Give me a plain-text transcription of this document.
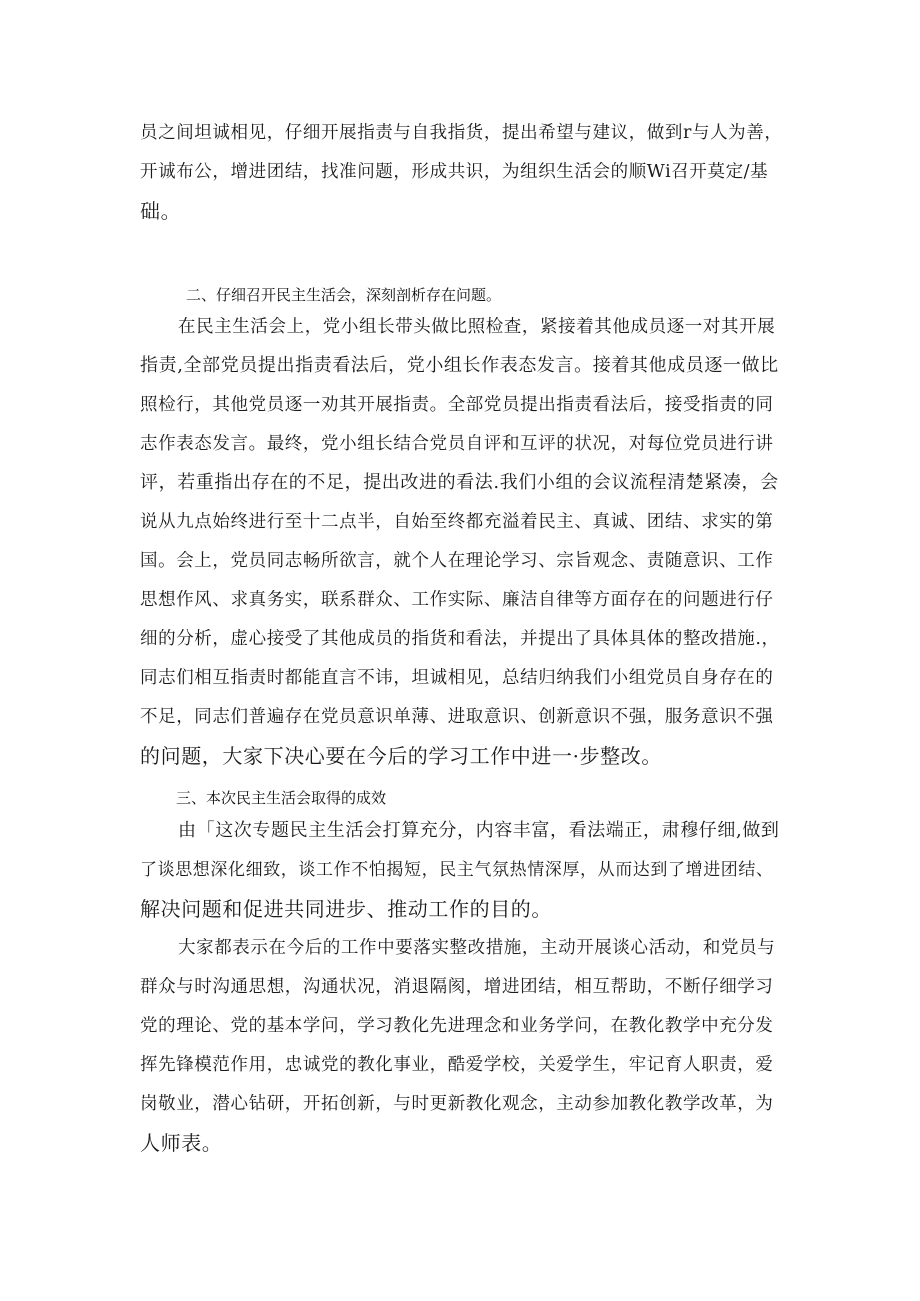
员之间坦诚相见，仔细开展指责与自我指货，提出希望与建议，做到r与人为善，
开诚布公，增进团结，找准问题，形成共识，为组织生活会的顺Wi召开莫定/基
础。
二、仔细召开民主生活会，深刻剖析存在问题。
在民主生活会上，党小组长带头做比照检查，紧接着其他成员逐一对其开展
指责,全部党员提出指责看法后，党小组长作表态发言。接着其他成员逐一做比
照检行，其他党员逐一劝其开展指责。全部党员提出指责看法后，接受指责的同
志作表态发言。最终，党小组长结合党员自评和互评的状况，对每位党员进行讲
评，若重指出存在的不足，提出改进的看法.我们小组的会议流程清楚紧凑，会
说从九点始终进行至十二点半，自始至终都充溢着民主、真诚、团结、求实的第
国。会上，党员同志畅所欲言，就个人在理论学习、宗旨观念、责随意识、工作
思想作风、求真务实，联系群众、工作实际、廉洁自律等方面存在的问题进行仔
细的分析，虚心接受了其他成员的指货和看法，并提出了具体具体的整改措施.，
同志们相互指责时都能直言不讳，坦诚相见，总结归纳我们小组党员自身存在的
不足，同志们普遍存在党员意识单薄、进取意识、创新意识不强，服务意识不强
的问题，大家下决心要在今后的学习工作中进一·步整改。
三、本次民主生活会取得的成效
由「这次专题民主生活会打算充分，内容丰富，看法端正，肃穆仔细,做到
了谈思想深化细致，谈工作不怕揭短，民主气氛热情深厚，从而达到了增进团结、
解决问题和促进共同进步、推动工作的目的。
大家都表示在今后的工作中要落实整改措施，主动开展谈心活动，和党员与
群众与时沟通思想，沟通状况，消退隔阂，增进团结，相互帮助，不断仔细学习
党的理论、党的基本学问，学习教化先进理念和业务学问，在教化教学中充分发
挥先锋模范作用，忠诚党的教化事业，酷爱学校，关爱学生，牢记育人职责，爱
岗敬业，潜心钻研，开拓创新，与时更新教化观念，主动参加教化教学改革，为
人师表。
